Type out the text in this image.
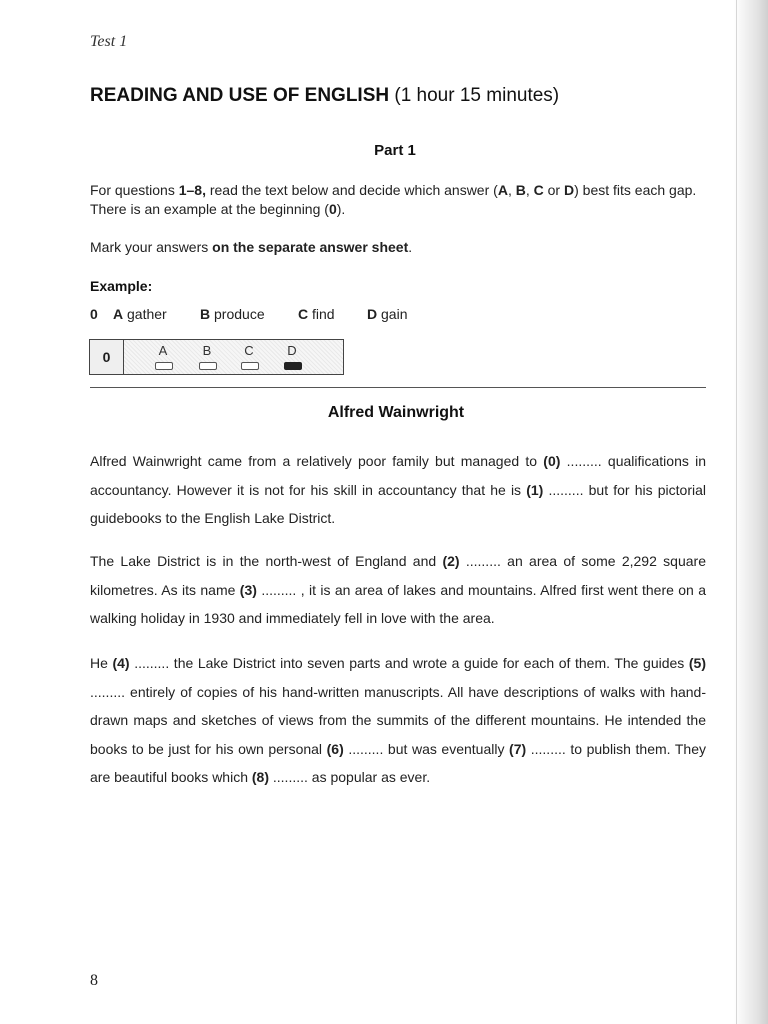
Test 1
READING AND USE OF ENGLISH (1 hour 15 minutes)
Part 1
For questions 1–8, read the text below and decide which answer (A, B, C or D) best fits each gap. There is an example at the beginning (0).
Mark your answers on the separate answer sheet.
Example:
0 A gather B produce C find D gain
0	A	B	C	D
Alfred Wainwright
Alfred Wainwright came from a relatively poor family but managed to (0) ......... qualifications in accountancy. However it is not for his skill in accountancy that he is (1) ......... but for his pictorial guidebooks to the English Lake District.
The Lake District is in the north-west of England and (2) ......... an area of some 2,292 square kilometres. As its name (3) ......... , it is an area of lakes and mountains. Alfred first went there on a walking holiday in 1930 and immediately fell in love with the area.
He (4) ......... the Lake District into seven parts and wrote a guide for each of them. The guides (5) ......... entirely of copies of his hand-written manuscripts. All have descriptions of walks with hand-drawn maps and sketches of views from the summits of the different mountains. He intended the books to be just for his own personal (6) ......... but was eventually (7) ......... to publish them. They are beautiful books which (8) ......... as popular as ever.
8
